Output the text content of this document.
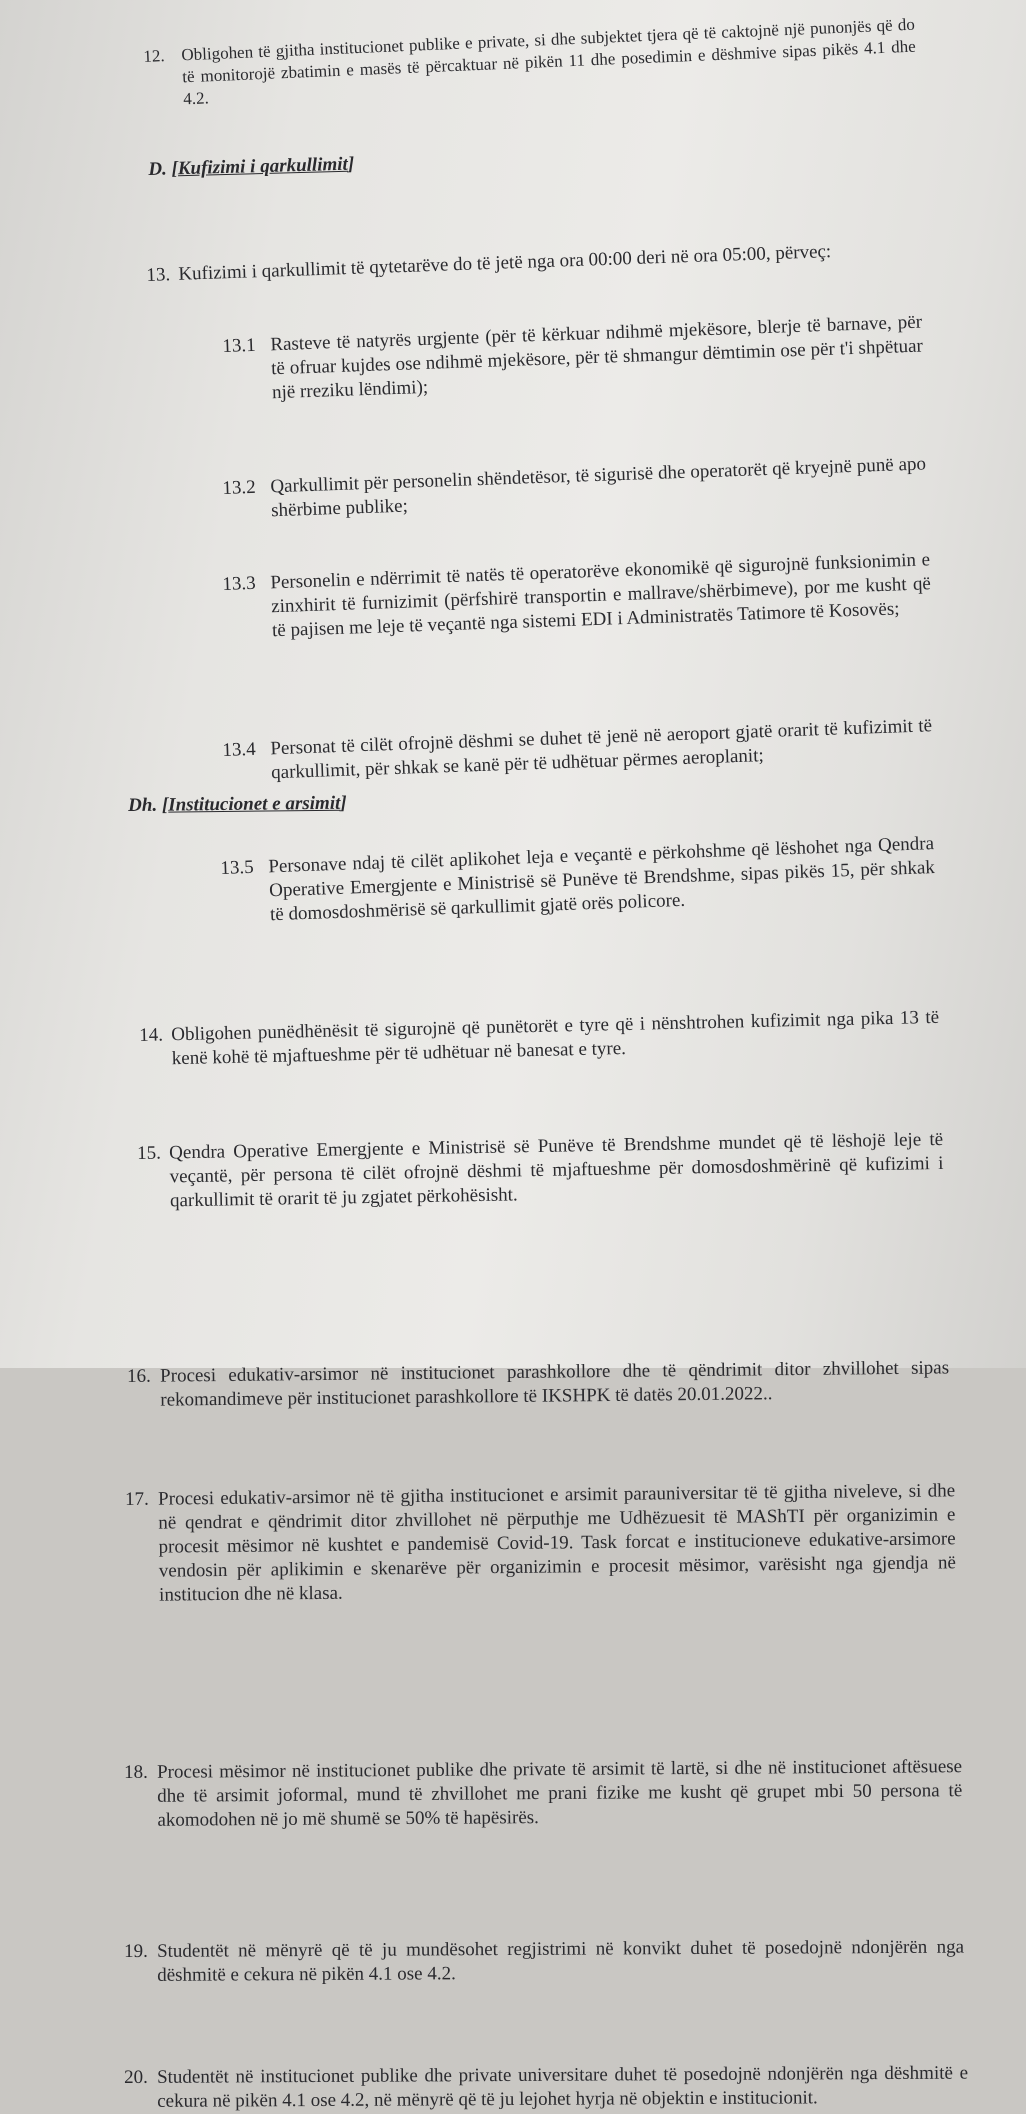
12. Obligohen të gjitha institucionet publike e private, si dhe subjektet tjera që të caktojnë një punonjës që do të monitorojë zbatimin e masës të përcaktuar në pikën 11 dhe posedimin e dëshmive sipas pikës 4.1 dhe 4.2.
D. [Kufizimi i qarkullimit]
13. Kufizimi i qarkullimit të qytetarëve do të jetë nga ora 00:00 deri në ora 05:00, përveç:
13.1 Rasteve të natyrës urgjente (për të kërkuar ndihmë mjekësore, blerje të barnave, për të ofruar kujdes ose ndihmë mjekësore, për të shmangur dëmtimin ose për t'i shpëtuar një rreziku lëndimi);
13.2 Qarkullimit për personelin shëndetësor, të sigurisë dhe operatorët që kryejnë punë apo shërbime publike;
13.3 Personelin e ndërrimit të natës të operatorëve ekonomikë që sigurojnë funksionimin e zinxhirit të furnizimit (përfshirë transportin e mallrave/shërbimeve), por me kusht që të pajisen me leje të veçantë nga sistemi EDI i Administratës Tatimore të Kosovës;
13.4 Personat të cilët ofrojnë dëshmi se duhet të jenë në aeroport gjatë orarit të kufizimit të qarkullimit, për shkak se kanë për të udhëtuar përmes aeroplanit;
13.5 Personave ndaj të cilët aplikohet leja e veçantë e përkohshme që lëshohet nga Qendra Operative Emergjente e Ministrisë së Punëve të Brendshme, sipas pikës 15, për shkak të domosdoshmërisë së qarkullimit gjatë orës policore.
14. Obligohen punëdhënësit të sigurojnë që punëtorët e tyre që i nënshtrohen kufizimit nga pika 13 të kenë kohë të mjaftueshme për të udhëtuar në banesat e tyre.
15. Qendra Operative Emergjente e Ministrisë së Punëve të Brendshme mundet që të lëshojë leje të veçantë, për persona të cilët ofrojnë dëshmi të mjaftueshme për domosdoshmërinë që kufizimi i qarkullimit të orarit të ju zgjatet përkohësisht.
Dh. [Institucionet e arsimit]
16. Procesi edukativ-arsimor në institucionet parashkollore dhe të qëndrimit ditor zhvillohet sipas rekomandimeve për institucionet parashkollore të IKSHPK të datës 20.01.2022..
17. Procesi edukativ-arsimor në të gjitha institucionet e arsimit parauniversitar të të gjitha niveleve, si dhe në qendrat e qëndrimit ditor zhvillohet në përputhje me Udhëzuesit të MAShTI për organizimin e procesit mësimor në kushtet e pandemisë Covid-19. Task forcat e institucioneve edukative-arsimore vendosin për aplikimin e skenarëve për organizimin e procesit mësimor, varësisht nga gjendja në institucion dhe në klasa.
18. Procesi mësimor në institucionet publike dhe private të arsimit të lartë, si dhe në institucionet aftësuese dhe të arsimit joformal, mund të zhvillohet me prani fizike me kusht që grupet mbi 50 persona të akomodohen në jo më shumë se 50% të hapësirës.
19. Studentët në mënyrë që të ju mundësohet regjistrimi në konvikt duhet të posedojnë ndonjërën nga dëshmitë e cekura në pikën 4.1 ose 4.2.
20. Studentët në institucionet publike dhe private universitare duhet të posedojnë ndonjërën nga dëshmitë e cekura në pikën 4.1 ose 4.2, në mënyrë që të ju lejohet hyrja në objektin e institucionit.
